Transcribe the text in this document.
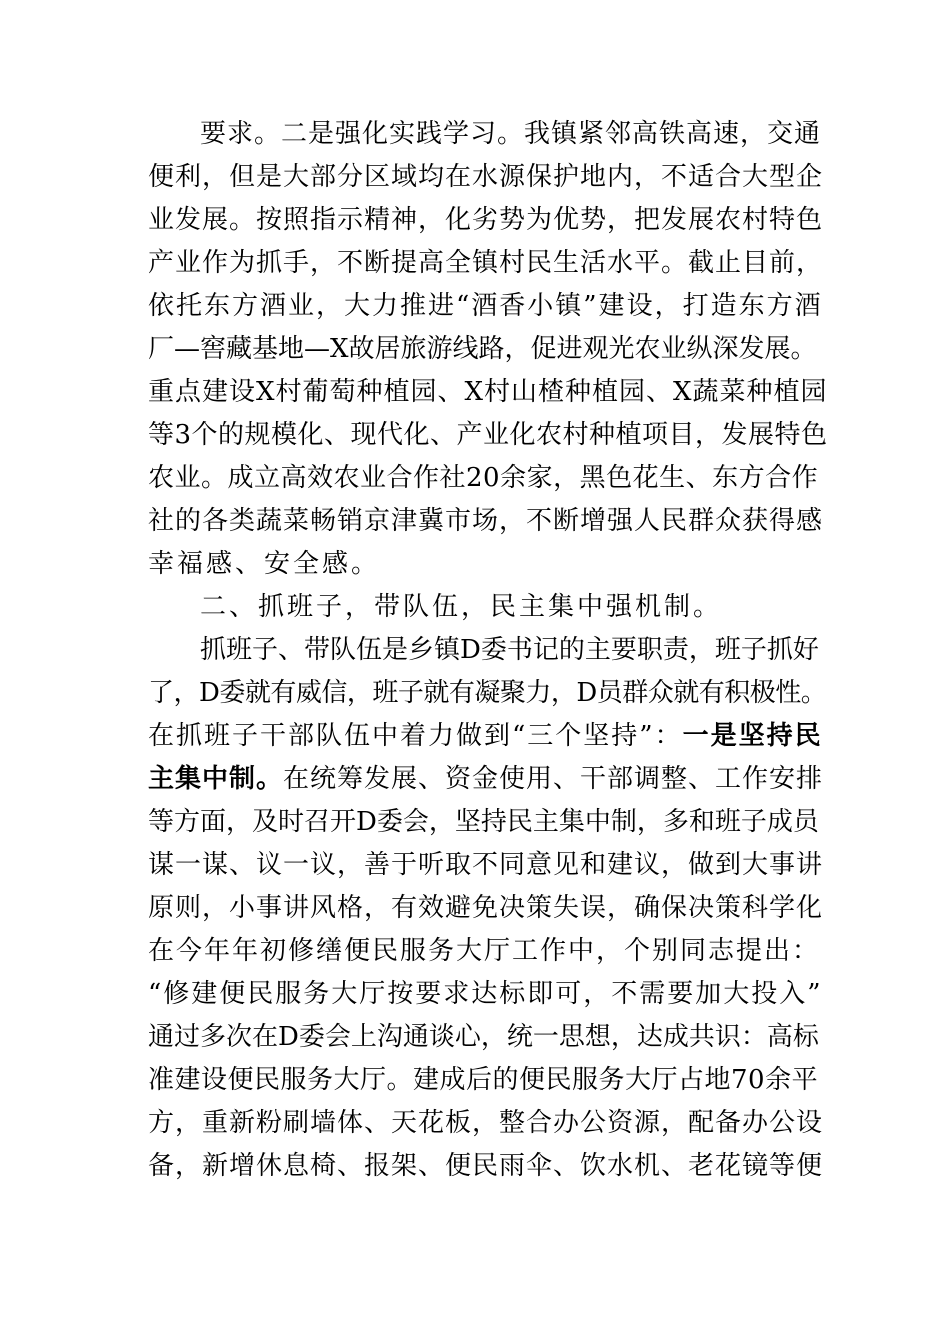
要求。二是强化实践学习。我镇紧邻高铁高速，交通
便利，但是大部分区域均在水源保护地内，不适合大型企
业发展。按照指示精神，化劣势为优势，把发展农村特色
产业作为抓手，不断提高全镇村民生活水平。截止目前，
依托东方酒业，大力推进“酒香小镇”建设，打造东方酒
厂—窖藏基地—X故居旅游线路，促进观光农业纵深发展。
重点建设X村葡萄种植园、X村山楂种植园、X蔬菜种植园
等3个的规模化、现代化、产业化农村种植项目，发展特色
农业。成立高效农业合作社20余家，黑色花生、东方合作
社的各类蔬菜畅销京津冀市场，不断增强人民群众获得感
幸福感、安全感。
二、抓班子，带队伍，民主集中强机制。
抓班子、带队伍是乡镇D委书记的主要职责，班子抓好
了，D委就有威信，班子就有凝聚力，D员群众就有积极性。
在抓班子干部队伍中着力做到“三个坚持”：一是坚持民
主集中制。在统筹发展、资金使用、干部调整、工作安排
等方面，及时召开D委会，坚持民主集中制，多和班子成员
谋一谋、议一议，善于听取不同意见和建议，做到大事讲
原则，小事讲风格，有效避免决策失误，确保决策科学化
在今年年初修缮便民服务大厅工作中，个别同志提出：
“修建便民服务大厅按要求达标即可，不需要加大投入”
通过多次在D委会上沟通谈心，统一思想，达成共识：高标
准建设便民服务大厅。建成后的便民服务大厅占地70余平
方，重新粉刷墙体、天花板，整合办公资源，配备办公设
备，新增休息椅、报架、便民雨伞、饮水机、老花镜等便
